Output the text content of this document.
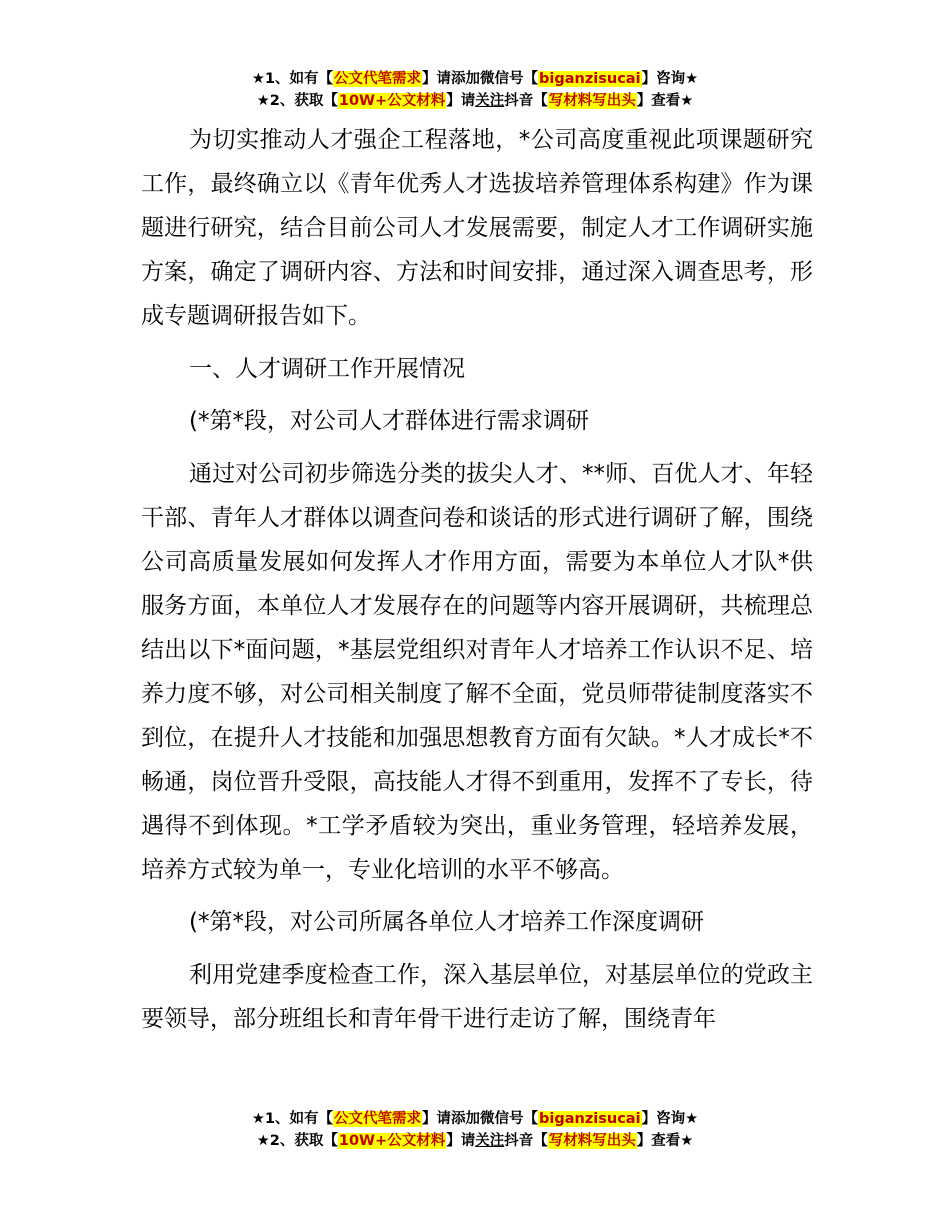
★1、如有【公文代笔需求】请添加微信号【biganzisucai】咨询★
★2、获取【10W+公文材料】请关注抖音【写材料写出头】查看★

为切实推动人才强企工程落地，*公司高度重视此项课题研究工作，最终确立以《青年优秀人才选拔培养管理体系构建》作为课题进行研究，结合目前公司人才发展需要，制定人才工作调研实施方案，确定了调研内容、方法和时间安排，通过深入调查思考，形成专题调研报告如下。

一、人才调研工作开展情况

(*第*段，对公司人才群体进行需求调研

通过对公司初步筛选分类的拔尖人才、**师、百优人才、年轻干部、青年人才群体以调查问卷和谈话的形式进行调研了解，围绕公司高质量发展如何发挥人才作用方面，需要为本单位人才队*供服务方面，本单位人才发展存在的问题等内容开展调研，共梳理总结出以下*面问题，*基层党组织对青年人才培养工作认识不足、培养力度不够，对公司相关制度了解不全面，党员师带徒制度落实不到位，在提升人才技能和加强思想教育方面有欠缺。*人才成长*不畅通，岗位晋升受限，高技能人才得不到重用，发挥不了专长，待遇得不到体现。*工学矛盾较为突出，重业务管理，轻培养发展，培养方式较为单一，专业化培训的水平不够高。

(*第*段，对公司所属各单位人才培养工作深度调研

利用党建季度检查工作，深入基层单位，对基层单位的党政主要领导，部分班组长和青年骨干进行走访了解，围绕青年

★1、如有【公文代笔需求】请添加微信号【biganzisucai】咨询★
★2、获取【10W+公文材料】请关注抖音【写材料写出头】查看★
